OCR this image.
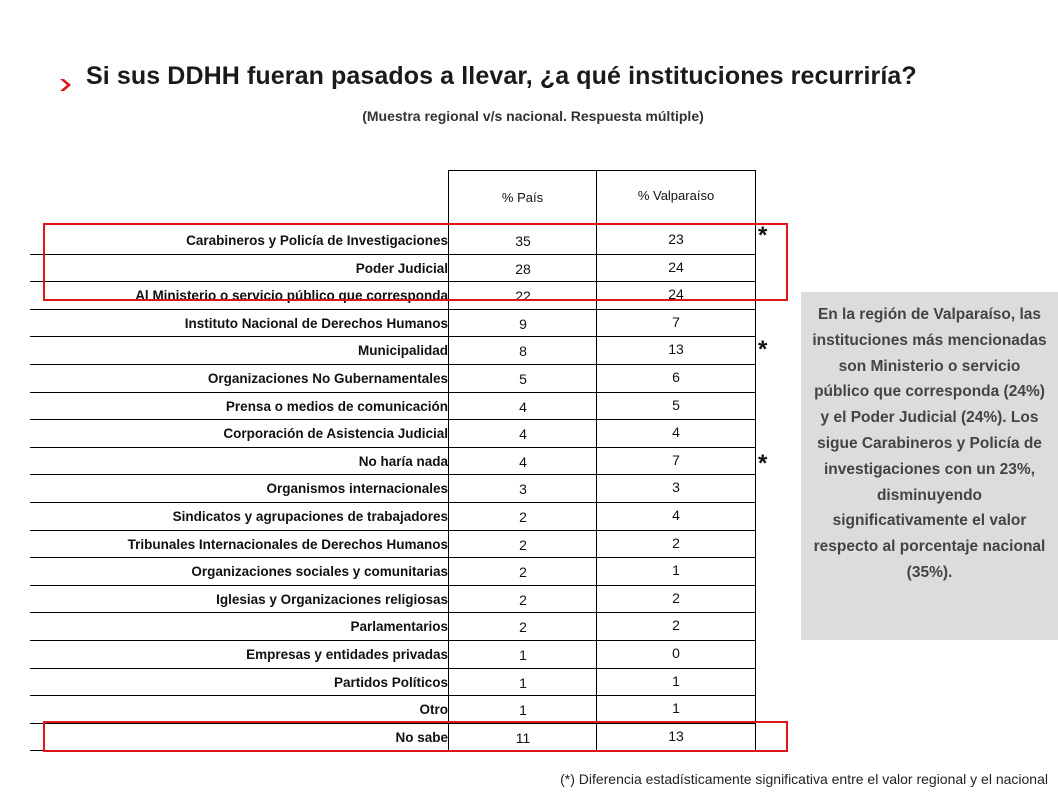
Si sus DDHH fueran pasados a llevar, ¿a qué instituciones recurriría?
(Muestra regional v/s nacional. Respuesta múltiple)
% País	% Valparaíso
Carabineros y Policía de Investigaciones	35	23
Poder Judicial	28	24
Al Ministerio o servicio público que corresponda	22	24
Instituto Nacional de Derechos Humanos	9	7
Municipalidad	8	13
Organizaciones No Gubernamentales	5	6
Prensa o medios de comunicación	4	5
Corporación de Asistencia Judicial	4	4
No haría nada	4	7
Organismos internacionales	3	3
Sindicatos y agrupaciones de trabajadores	2	4
Tribunales Internacionales de Derechos Humanos	2	2
Organizaciones sociales y comunitarias	2	1
Iglesias y Organizaciones religiosas	2	2
Parlamentarios	2	2
Empresas y entidades privadas	1	0
Partidos Políticos	1	1
Otro	1	1
No sabe	11	13
*
*
*
En la región de Valparaíso, las instituciones más mencionadas son Ministerio o servicio público que corresponda (24%) y el Poder Judicial (24%). Los sigue Carabineros y Policía de investigaciones con un 23%, disminuyendo significativamente el valor respecto al porcentaje nacional (35%).
(*) Diferencia estadísticamente significativa entre el valor regional y el nacional
